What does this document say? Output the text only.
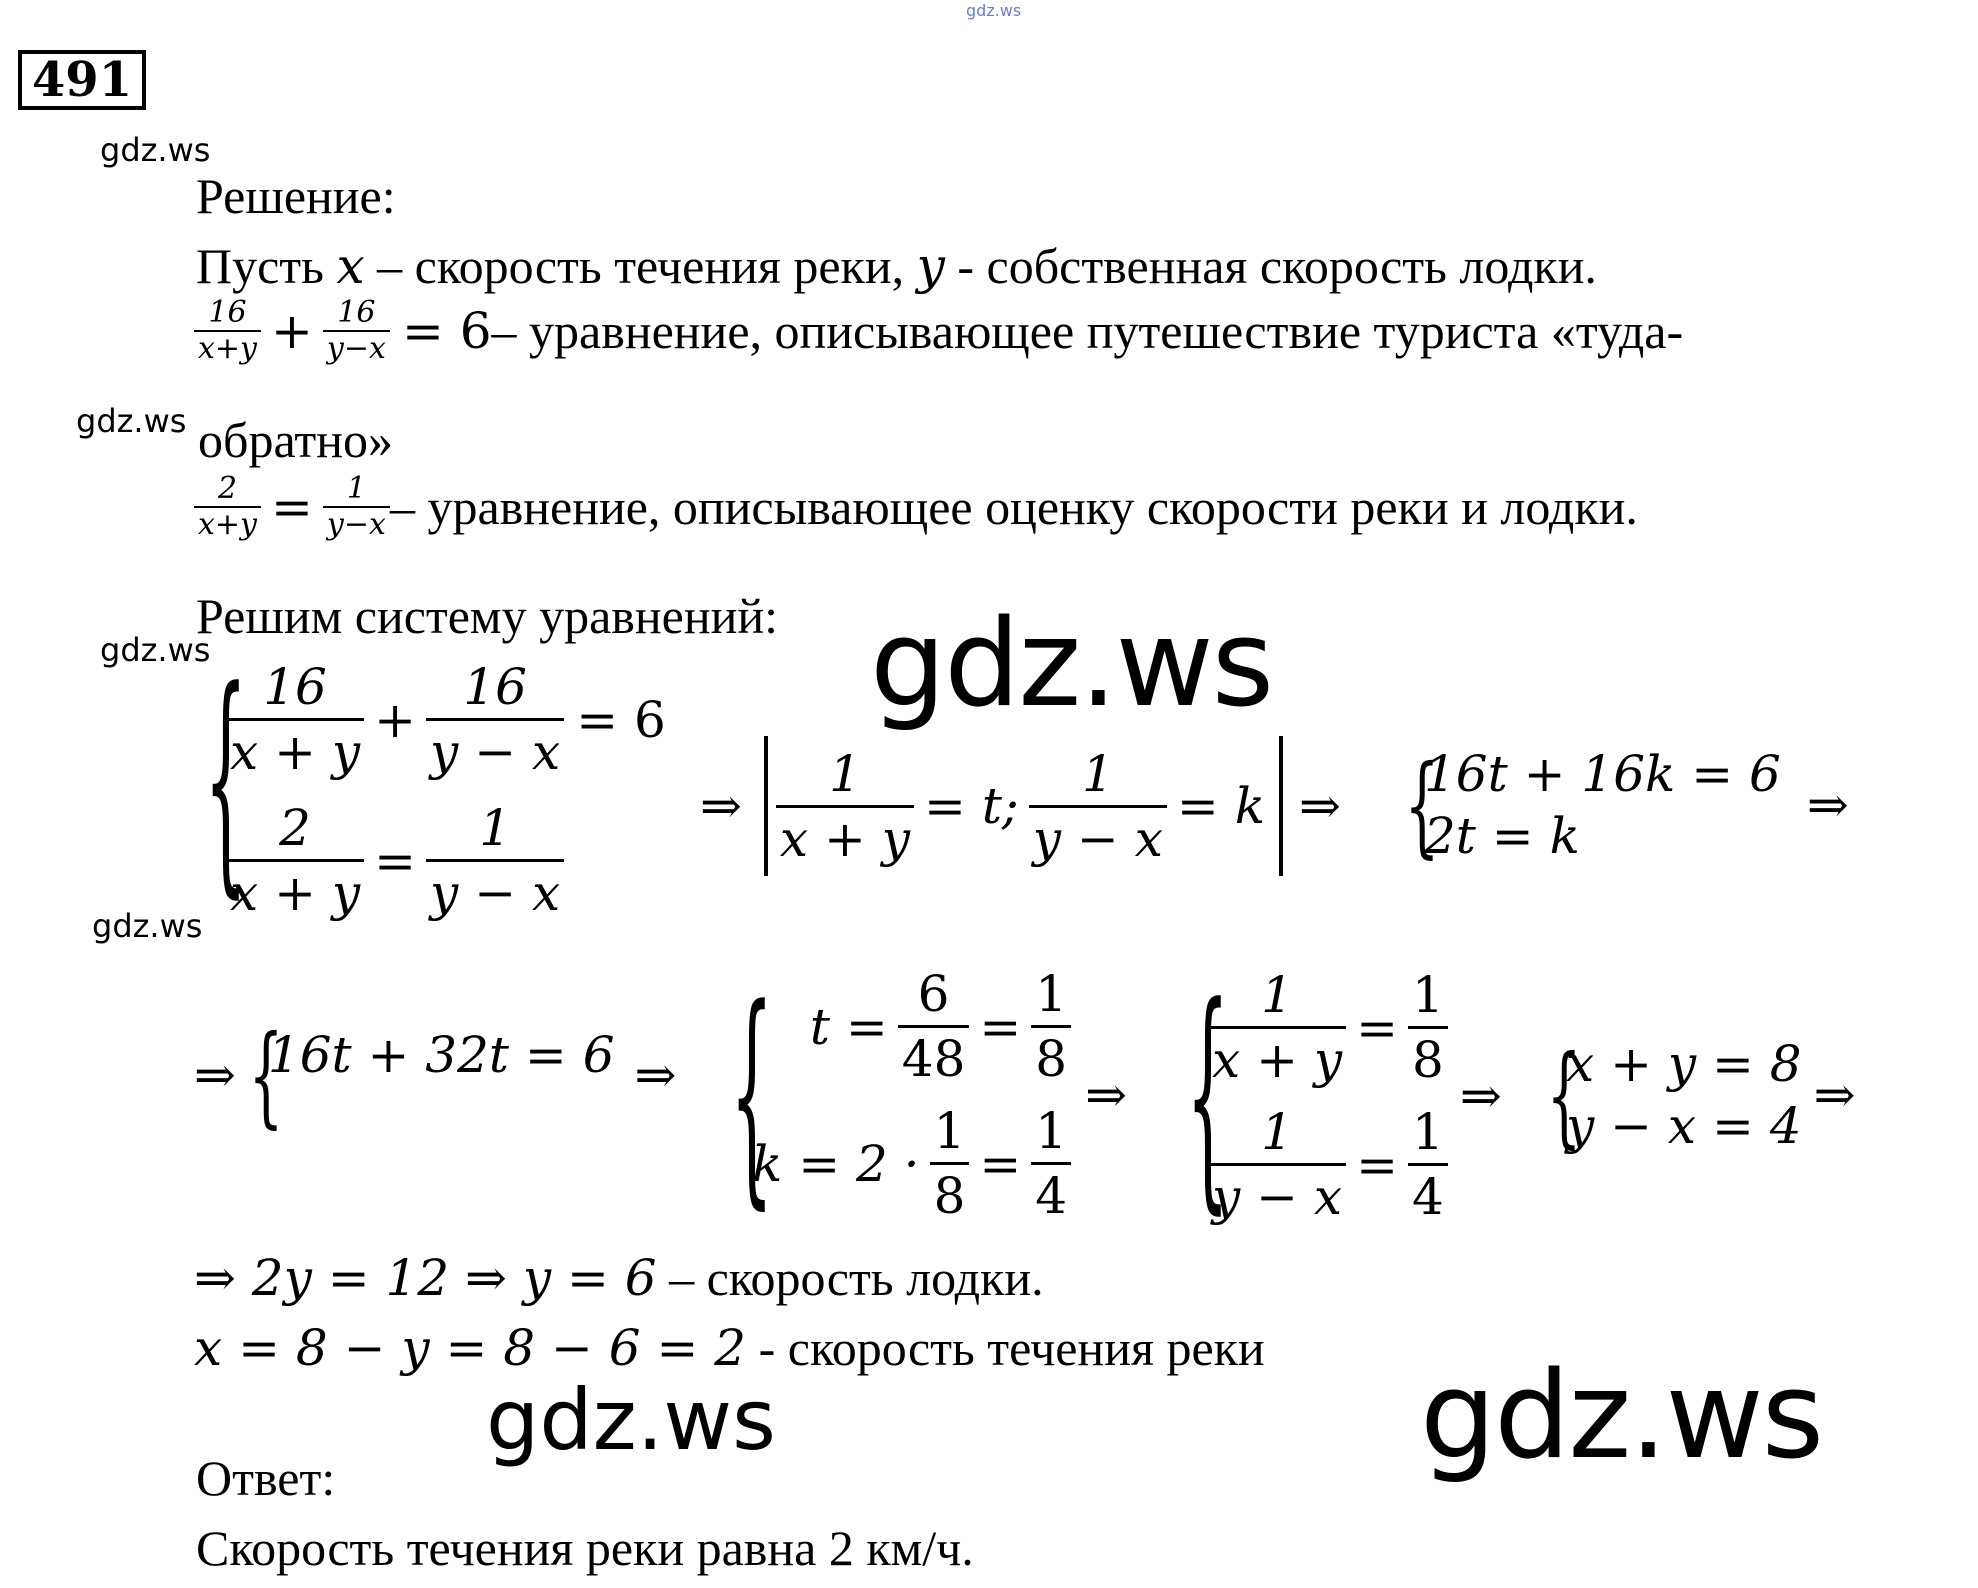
gdz.ws
491
gdz.ws
gdz.ws
gdz.ws
gdz.ws
Решение:
Пусть x – скорость течения реки, y - собственная скорость лодки.
$\frac{16}{x+y} + \frac{16}{y-x} = 6$ – уравнение, описывающее путешествие туриста «туда-
обратно»
$\frac{2}{x+y} = \frac{1}{y-x}$ – уравнение, описывающее оценку скорости реки и лодки.
Решим систему уравнений: gdz.ws
{
$\frac{16}{x + y} + \frac{16}{y - x} = 6$
$\frac{2}{x + y} = \frac{1}{y - x}$	⇒ $\frac{1}{x + y} = t$; $\frac{1}{y - x} = k$ ⇒ {
16t + 16k = 6
2t = k
⇒
⇒ {
16t + 32t = 6 ⇒ { $t = \frac{6}{48} = \frac{1}{8}$
$k = 2 \cdot \frac{1}{8} = \frac{1}{4}$
⇒ {
$\frac{1}{x + y} = \frac{1}{8}$
$\frac{1}{y - x} = \frac{1}{4}$
⇒ {
x + y = 8
y − x = 4
⇒
⇒ 2y = 12 ⇒ y = 6 – скорость лодки.
x = 8 − y = 8 − 6 = 2 - скорость течения реки
gdz.ws	gdz.ws
Ответ:
Скорость течения реки равна 2 км/ч.
